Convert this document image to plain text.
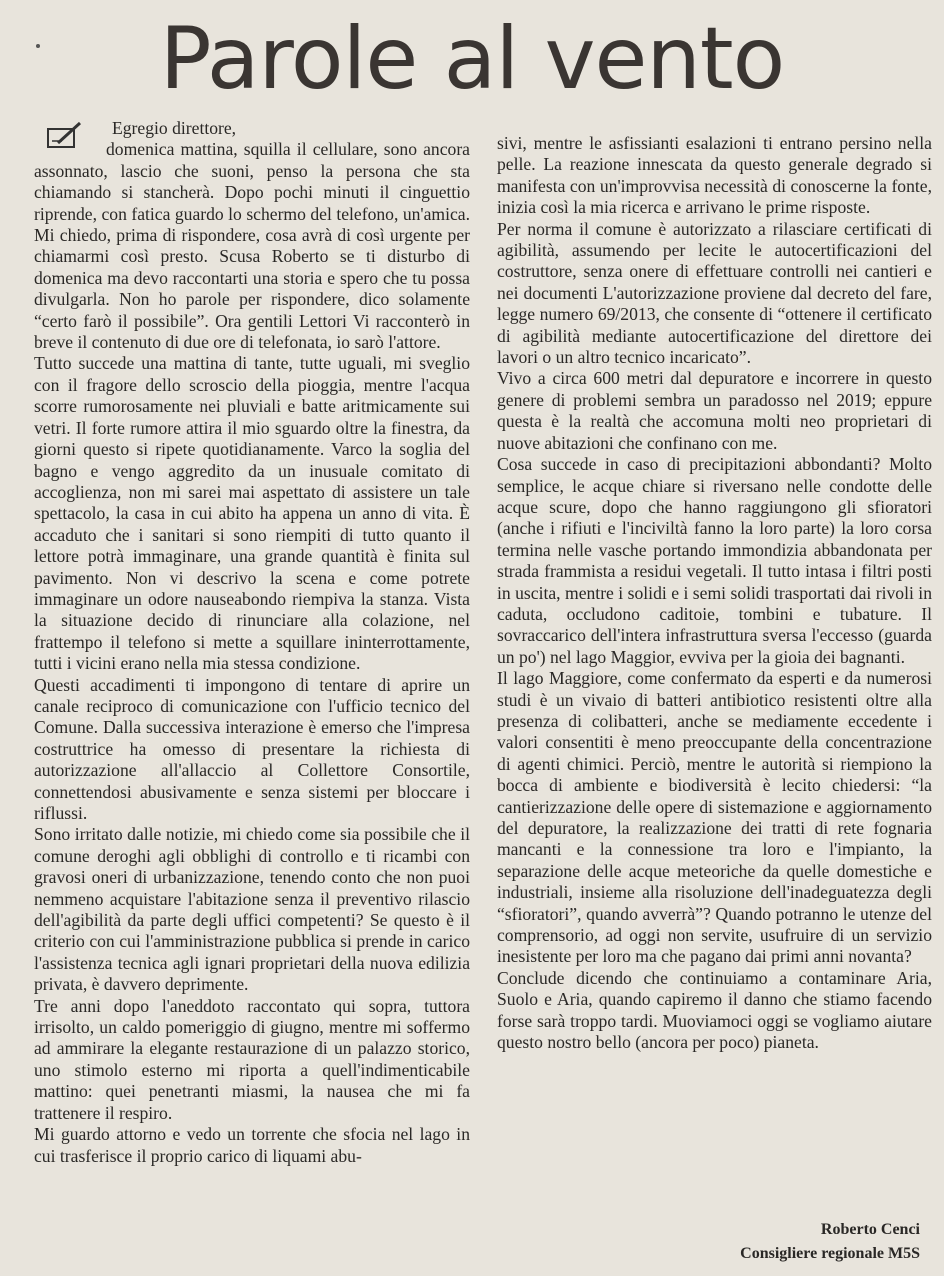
Parole al vento

Egregio direttore,

domenica mattina, squilla il cellulare, sono ancora assonnato, lascio che suoni, penso la persona che sta chiamando si stancherà. Dopo pochi minuti il cinguettio riprende, con fatica guardo lo schermo del telefono, un'amica. Mi chiedo, prima di rispondere, cosa avrà di così urgente per chiamarmi così presto. Scusa Roberto se ti disturbo di domenica ma devo raccontarti una storia e spero che tu possa divulgarla. Non ho parole per rispondere, dico solamente “certo farò il possibile”. Ora gentili Lettori Vi racconterò in breve il contenuto di due ore di telefonata, io sarò l'attore.

Tutto succede una mattina di tante, tutte uguali, mi sveglio con il fragore dello scroscio della pioggia, mentre l'acqua scorre rumorosamente nei pluviali e batte aritmicamente sui vetri. Il forte rumore attira il mio sguardo oltre la finestra, da giorni questo si ripete quotidianamente. Varco la soglia del bagno e vengo aggredito da un inusuale comitato di accoglienza, non mi sarei mai aspettato di assistere un tale spettacolo, la casa in cui abito ha appena un anno di vita. È accaduto che i sanitari si sono riempiti di tutto quanto il lettore potrà immaginare, una grande quantità è finita sul pavimento. Non vi descrivo la scena e come potrete immaginare un odore nauseabondo riempiva la stanza. Vista la situazione decido di rinunciare alla colazione, nel frattempo il telefono si mette a squillare ininterrottamente, tutti i vicini erano nella mia stessa condizione.

Questi accadimenti ti impongono di tentare di aprire un canale reciproco di comunicazione con l'ufficio tecnico del Comune. Dalla successiva interazione è emerso che l'impresa costruttrice ha omesso di presentare la richiesta di autorizzazione all'allaccio al Collettore Consortile, connettendosi abusivamente e senza sistemi per bloccare i riflussi.

Sono irritato dalle notizie, mi chiedo come sia possibile che il comune deroghi agli obblighi di controllo e ti ricambi con gravosi oneri di urbanizzazione, tenendo conto che non puoi nemmeno acquistare l'abitazione senza il preventivo rilascio dell'agibilità da parte degli uffici competenti? Se questo è il criterio con cui l'amministrazione pubblica si prende in carico l'assistenza tecnica agli ignari proprietari della nuova edilizia privata, è davvero deprimente.

Tre anni dopo l'aneddoto raccontato qui sopra, tuttora irrisolto, un caldo pomeriggio di giugno, mentre mi soffermo ad ammirare la elegante restaurazione di un palazzo storico, uno stimolo esterno mi riporta a quell'indimenticabile mattino: quei penetranti miasmi, la nausea che mi fa trattenere il respiro.

Mi guardo attorno e vedo un torrente che sfocia nel lago in cui trasferisce il proprio carico di liquami abu-

sivi, mentre le asfissianti esalazioni ti entrano persino nella pelle. La reazione innescata da questo generale degrado si manifesta con un'improvvisa necessità di conoscerne la fonte, inizia così la mia ricerca e arrivano le prime risposte.

Per norma il comune è autorizzato a rilasciare certificati di agibilità, assumendo per lecite le autocertificazioni del costruttore, senza onere di effettuare controlli nei cantieri e nei documenti L'autorizzazione proviene dal decreto del fare, legge numero 69/2013, che consente di “ottenere il certificato di agibilità mediante autocertificazione del direttore dei lavori o un altro tecnico incaricato”.

Vivo a circa 600 metri dal depuratore e incorrere in questo genere di problemi sembra un paradosso nel 2019; eppure questa è la realtà che accomuna molti neo proprietari di nuove abitazioni che confinano con me.

Cosa succede in caso di precipitazioni abbondanti? Molto semplice, le acque chiare si riversano nelle condotte delle acque scure, dopo che hanno raggiungono gli sfioratori (anche i rifiuti e l'inciviltà fanno la loro parte) la loro corsa termina nelle vasche portando immondizia abbandonata per strada frammista a residui vegetali. Il tutto intasa i filtri posti in uscita, mentre i solidi e i semi solidi trasportati dai rivoli in caduta, occludono caditoie, tombini e tubature. Il sovraccarico dell'intera infrastruttura sversa l'eccesso (guarda un po') nel lago Maggior, evviva per la gioia dei bagnanti.

Il lago Maggiore, come confermato da esperti e da numerosi studi è un vivaio di batteri antibiotico resistenti oltre alla presenza di colibatteri, anche se mediamente eccedente i valori consentiti è meno preoccupante della concentrazione di agenti chimici. Perciò, mentre le autorità si riempiono la bocca di ambiente e biodiversità è lecito chiedersi: “la cantierizzazione delle opere di sistemazione e aggiornamento del depuratore, la realizzazione dei tratti di rete fognaria mancanti e la connessione tra loro e l'impianto, la separazione delle acque meteoriche da quelle domestiche e industriali, insieme alla risoluzione dell'inadeguatezza degli “sfioratori”, quando avverrà”? Quando potranno le utenze del comprensorio, ad oggi non servite, usufruire di un servizio inesistente per loro ma che pagano dai primi anni novanta?

Conclude dicendo che continuiamo a contaminare Aria, Suolo e Aria, quando capiremo il danno che stiamo facendo forse sarà troppo tardi. Muoviamoci oggi se vogliamo aiutare questo nostro bello (ancora per poco) pianeta.

Roberto Cenci
Consigliere regionale M5S
